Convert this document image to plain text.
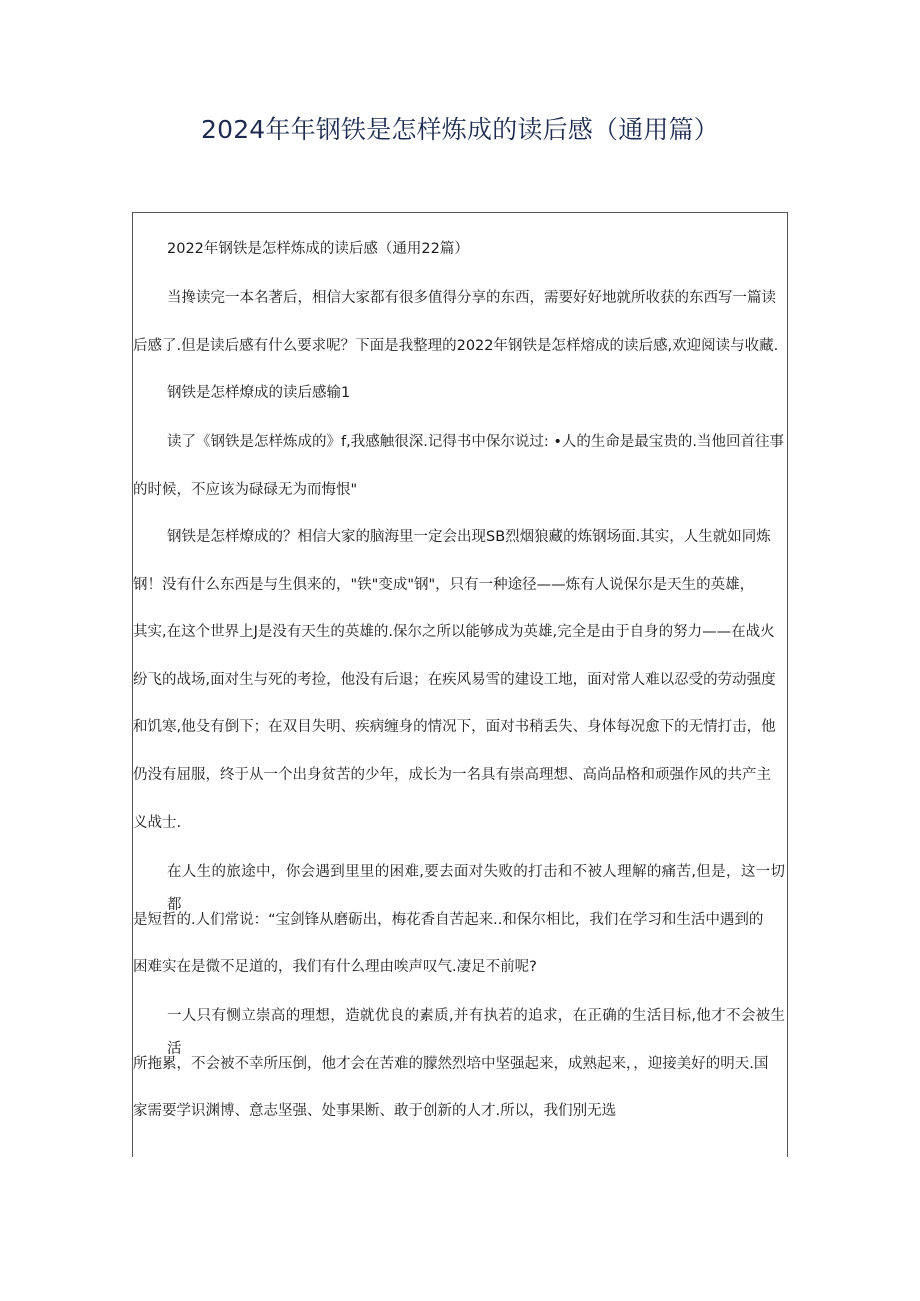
2024年年钢铁是怎样炼成的读后感（通用篇）

2022年钢铁是怎样炼成的读后感（通用22篇）

当搀读完一本名著后，相信大家都有很多值得分享的东西，需要好好地就所收获的东西写一篇读

后感了.但是读后感有什么要求呢？下面是我整理的2022年钢铁是怎样熔成的读后感,欢迎阅读与收藏.

钢铁是怎样燎成的读后感输1

读了《钢铁是怎样炼成的》f,我感触很深.记得书中保尔说过: •人的生命是最宝贵的.当他回首往事

的时候，不应该为碌碌无为而悔恨"

钢铁是怎样燎成的？相信大家的脑海里一定会出现SB烈烟狼藏的炼钢场面.其实，人生就如同炼

钢！没有什么东西是与生俱来的，"铁"变成"钢"，只有一种途径——炼有人说保尔是天生的英雄，

其实,在这个世界上J是没有天生的英雄的.保尔之所以能够成为英雄,完全是由于自身的努力——在战火

纷飞的战场,面对生与死的考捡，他没有后退；在疾风易雪的建设工地，面对常人难以忍受的劳动强度

和饥寒,他殳有倒下；在双目失明、疾病缠身的情况下，面对书稍丢失、身体每况愈下的无情打击，他

仍没有屈服，终于从一个出身贫苦的少年，成长为一名具有崇高理想、高尚品格和顽强作风的共产主

义战士.

在人生的旅途中，你会遇到里里的困难,要去面对失败的打击和不被人理解的痛苦,但是，这一切都

是短哲的.人们常说：“宝剑锋从磨砺出，梅花香自苦起来..和保尔相比，我们在学习和生活中遇到的

困难实在是微不足道的，我们有什么理由唉声叹气.凄足不前呢?

一人只有恻立崇高的理想，造就优良的素质,并有执若的追求，在正确的生活目标,他才不会被生活

所拖累，不会被不幸所压倒，他才会在苦难的朦然烈培中坚强起来，成熟起来，，迎接美好的明天.国

家需要学识渊博、意志坚强、处事果断、敢于创新的人才.所以，我们别无选
